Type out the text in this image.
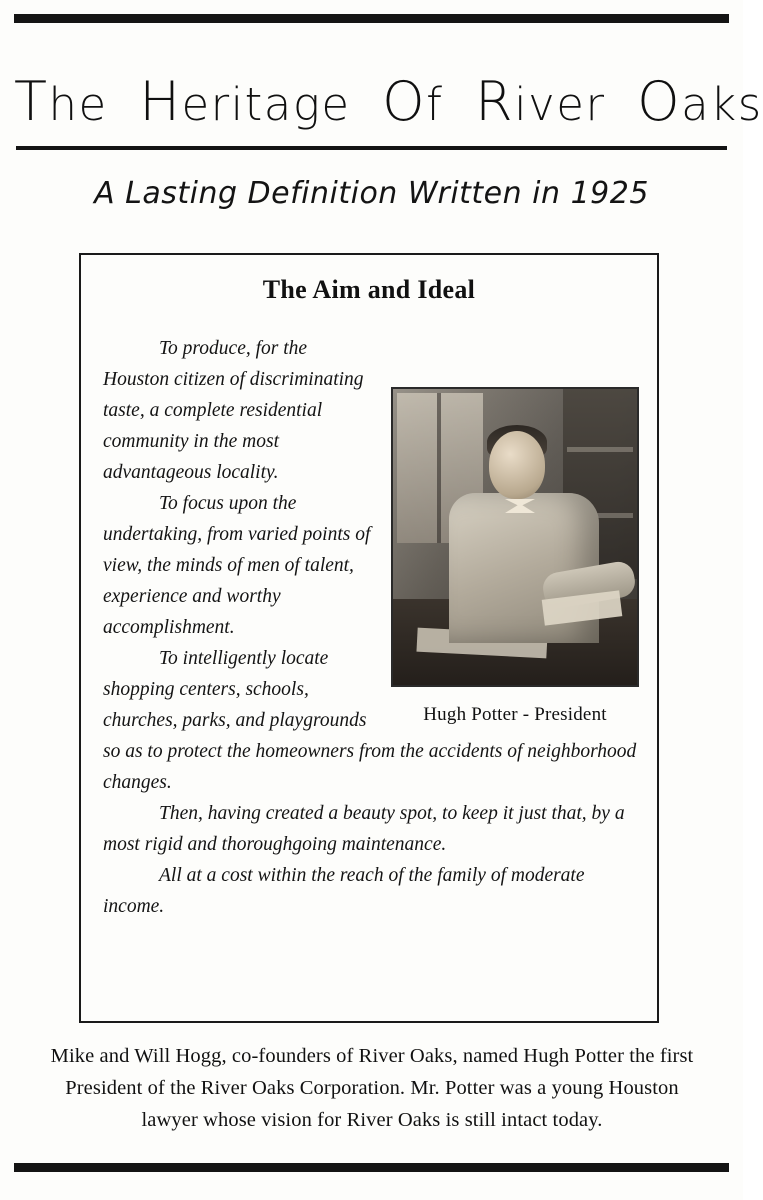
The  Heritage  Of  River  Oaks
A Lasting Definition Written in 1925
The Aim and Ideal
Hugh Potter - President

To produce, for the Houston citizen of discriminating taste, a complete residential community in the most advantageous locality.

To focus upon the undertaking, from varied points of view, the minds of men of talent, experience and worthy accomplishment.

To intelligently locate shopping centers, schools, churches, parks, and playgrounds so as to protect the homeowners from the accidents of neighborhood changes.

Then, having created a beauty spot, to keep it just that, by a most rigid and thoroughgoing maintenance.

All at a cost within the reach of the family of moderate income.

Mike and Will Hogg, co-founders of River Oaks, named Hugh Potter the first President of the River Oaks Corporation. Mr. Potter was a young Houston lawyer whose vision for River Oaks is still intact today.
